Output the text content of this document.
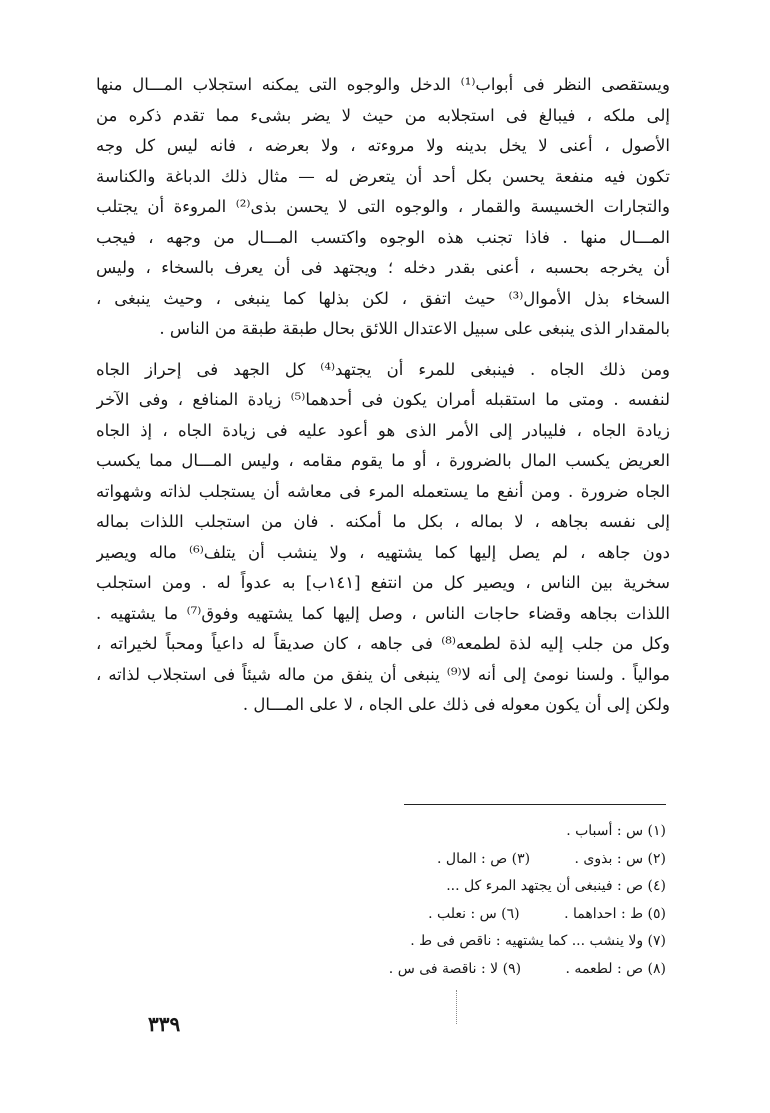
ويستقصى النظر فى أبواب⁽¹⁾ الدخل والوجوه التى يمكنه استجلاب المـــال منها
إلى ملكه ، فيبالغ فى استجلابه من حيث لا يضر بشىء مما تقدم ذكره من
الأصول ، أعنى لا يخل بدينه ولا مروءته ، ولا بعرضه ، فانه ليس كل وجه
تكون فيه منفعة يحسن بكل أحد أن يتعرض له — مثال ذلك الدباغة والكناسة
والتجارات الخسيسة والقمار ، والوجوه التى لا يحسن بذى⁽²⁾ المروءة أن يجتلب
المـــال منها . فاذا تجنب هذه الوجوه واكتسب المـــال من وجهه ، فيجب
أن يخرجه بحسبه ، أعنى بقدر دخله ؛ ويجتهد فى أن يعرف بالسخاء ، وليس
السخاء بذل الأموال⁽³⁾ حيث اتفق ، لكن بذلها كما ينبغى ، وحيث ينبغى ،
بالمقدار الذى ينبغى على سبيل الاعتدال اللائق بحال طبقة طبقة من الناس .
ومن ذلك الجاه . فينبغى للمرء أن يجتهد⁽⁴⁾ كل الجهد فى إحراز الجاه
لنفسه . ومتى ما استقبله أمران يكون فى أحدهما⁽⁵⁾ زيادة المنافع ، وفى الآخر
زيادة الجاه ، فليبادر إلى الأمر الذى هو أعود عليه فى زيادة الجاه ، إذ الجاه
العريض يكسب المال بالضرورة ، أو ما يقوم مقامه ، وليس المـــال مما يكسب
الجاه ضرورة . ومن أنفع ما يستعمله المرء فى معاشه أن يستجلب لذاته وشهواته
إلى نفسه بجاهه ، لا بماله ، بكل ما أمكنه . فان من استجلب اللذات بماله
دون جاهه ، لم يصل إليها كما يشتهيه ، ولا ينشب أن يتلف⁽⁶⁾ ماله ويصير
سخرية بين الناس ، ويصير كل من انتفع [١٤١ب] به عدواً له . ومن استجلب
اللذات بجاهه وقضاء حاجات الناس ، وصل إليها كما يشتهيه وفوق⁽⁷⁾ ما يشتهيه .
وكل من جلب إليه لذة لطمعه⁽⁸⁾ فى جاهه ، كان صديقاً له داعياً ومحباً لخيراته ،
موالياً . ولسنا نومئ إلى أنه لا⁽⁹⁾ ينبغى أن ينفق من ماله شيئاً فى استجلاب لذاته ،
ولكن إلى أن يكون معوله فى ذلك على الجاه ، لا على المـــال .
(١) س : أسباب .
(٢) س : بذوى . (٣) ص : المال .
(٤) ص : فينبغى أن يجتهد المرء كل ...
(٥) ط : احداهما . (٦) س : نعلب .
(٧) ولا ينشب ... كما يشتهيه : ناقص فى ط .
(٨) ص : لطعمه . (٩) لا : ناقصة فى س .
٣٣٩
